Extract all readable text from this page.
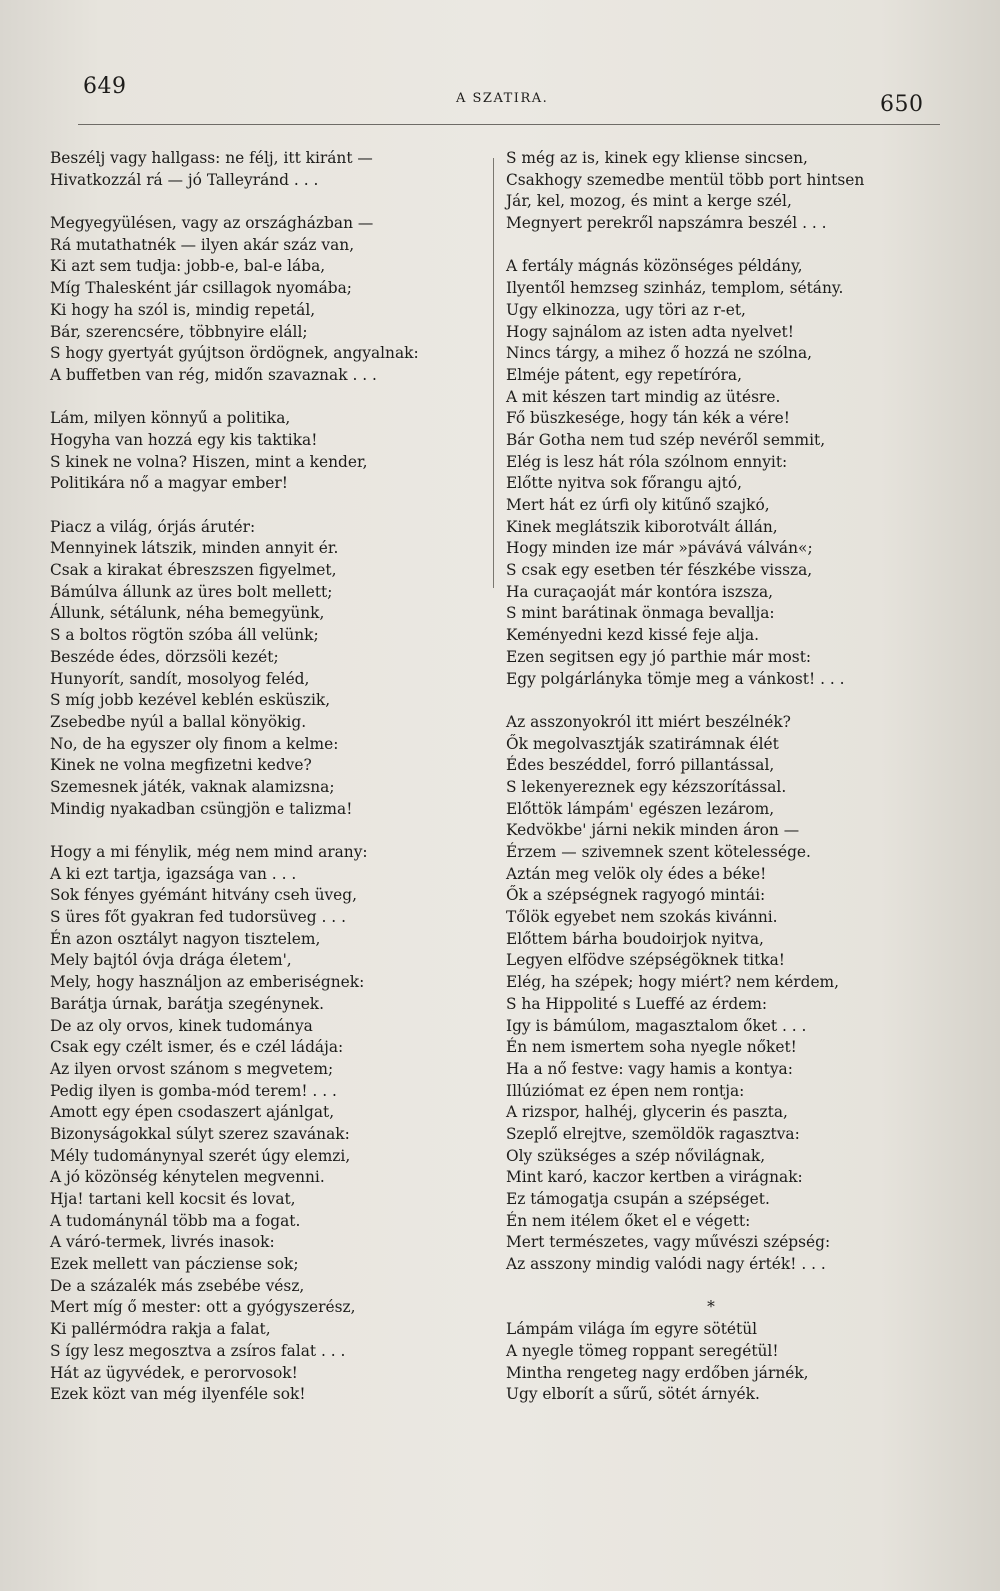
649	A SZATIRA.	650
Beszélj vagy hallgass: ne félj, itt kiránt —
Hivatkozzál rá — jó Talleyránd . . .
Megyegyülésen, vagy az országházban —
Rá mutathatnék — ilyen akár száz van,
Ki azt sem tudja: jobb-e, bal-e lába,
Míg Thalesként jár csillagok nyomába;
Ki hogy ha szól is, mindig repetál,
Bár, szerencsére, többnyire eláll;
S hogy gyertyát gyújtson ördögnek, angyalnak:
A buffetben van rég, midőn szavaznak . . .
Lám, milyen könnyű a politika,
Hogyha van hozzá egy kis taktika!
S kinek ne volna? Hiszen, mint a kender,
Politikára nő a magyar ember!
Piacz a világ, órjás árutér:
Mennyinek látszik, minden annyit ér.
Csak a kirakat ébreszszen figyelmet,
Bámúlva állunk az üres bolt mellett;
Állunk, sétálunk, néha bemegyünk,
S a boltos rögtön szóba áll velünk;
Beszéde édes, dörzsöli kezét;
Hunyorít, sandít, mosolyog feléd,
S míg jobb kezével keblén esküszik,
Zsebedbe nyúl a ballal könyökig.
No, de ha egyszer oly finom a kelme:
Kinek ne volna megfizetni kedve?
Szemesnek játék, vaknak alamizsna;
Mindig nyakadban csüngjön e talizma!
Hogy a mi fénylik, még nem mind arany:
A ki ezt tartja, igazsága van . . .
Sok fényes gyémánt hitvány cseh üveg,
S üres főt gyakran fed tudorsüveg . . .
Én azon osztályt nagyon tisztelem,
Mely bajtól óvja drága életem',
Mely, hogy használjon az emberiségnek:
Barátja úrnak, barátja szegénynek.
De az oly orvos, kinek tudománya
Csak egy czélt ismer, és e czél ládája:
Az ilyen orvost szánom s megvetem;
Pedig ilyen is gomba-mód terem! . . .
Amott egy épen csodaszert ajánlgat,
Bizonyságokkal súlyt szerez szavának:
Mély tudománynyal szerét úgy elemzi,
A jó közönség kénytelen megvenni.
Hja! tartani kell kocsit és lovat,
A tudománynál több ma a fogat.
A váró-termek, livrés inasok:
Ezek mellett van pácziense sok;
De a százalék más zsebébe vész,
Mert míg ő mester: ott a gyógyszerész,
Ki pallérmódra rakja a falat,
S így lesz megosztva a zsíros falat . . .
Hát az ügyvédek, e perorvosok!
Ezek közt van még ilyenféle sok!
S még az is, kinek egy kliense sincsen,
Csakhogy szemedbe mentül több port hintsen
Jár, kel, mozog, és mint a kerge szél,
Megnyert perekről napszámra beszél . . .
A fertály mágnás közönséges példány,
Ilyentől hemzseg szinház, templom, sétány.
Ugy elkinozza, ugy töri az r-et,
Hogy sajnálom az isten adta nyelvet!
Nincs tárgy, a mihez ő hozzá ne szólna,
Elméje pátent, egy repetíróra,
A mit készen tart mindig az ütésre.
Fő büszkesége, hogy tán kék a vére!
Bár Gotha nem tud szép nevéről semmit,
Elég is lesz hát róla szólnom ennyit:
Előtte nyitva sok főrangu ajtó,
Mert hát ez úrfi oly kitűnő szajkó,
Kinek meglátszik kiborotvált állán,
Hogy minden ize már »pávává válván«;
S csak egy esetben tér fészkébe vissza,
Ha curaçaoját már kontóra iszsza,
S mint barátinak önmaga bevallja:
Keményedni kezd kissé feje alja.
Ezen segitsen egy jó parthie már most:
Egy polgárlányka tömje meg a vánkost! . . .
Az asszonyokról itt miért beszélnék?
Ők megolvasztják szatirámnak élét
Édes beszéddel, forró pillantással,
S lekenyereznek egy kézszorítással.
Előttök lámpám' egészen lezárom,
Kedvökbe' járni nekik minden áron —
Érzem — szivemnek szent kötelessége.
Aztán meg velök oly édes a béke!
Ők a szépségnek ragyogó mintái:
Tőlök egyebet nem szokás kivánni.
Előttem bárha boudoirjok nyitva,
Legyen elfödve szépségöknek titka!
Elég, ha szépek; hogy miért? nem kérdem,
S ha Hippolité s Lueffé az érdem:
Igy is bámúlom, magasztalom őket . . .
Én nem ismertem soha nyegle nőket!
Ha a nő festve: vagy hamis a kontya:
Illúziómat ez épen nem rontja:
A rizspor, halhéj, glycerin és paszta,
Szeplő elrejtve, szemöldök ragasztva:
Oly szükséges a szép nővilágnak,
Mint karó, kaczor kertben a virágnak:
Ez támogatja csupán a szépséget.
Én nem itélem őket el e végett:
Mert természetes, vagy művészi szépség:
Az asszony mindig valódi nagy érték! . . .
*
Lámpám világa ím egyre sötétül
A nyegle tömeg roppant seregétül!
Mintha rengeteg nagy erdőben járnék,
Ugy elborít a sűrű, sötét árnyék.
